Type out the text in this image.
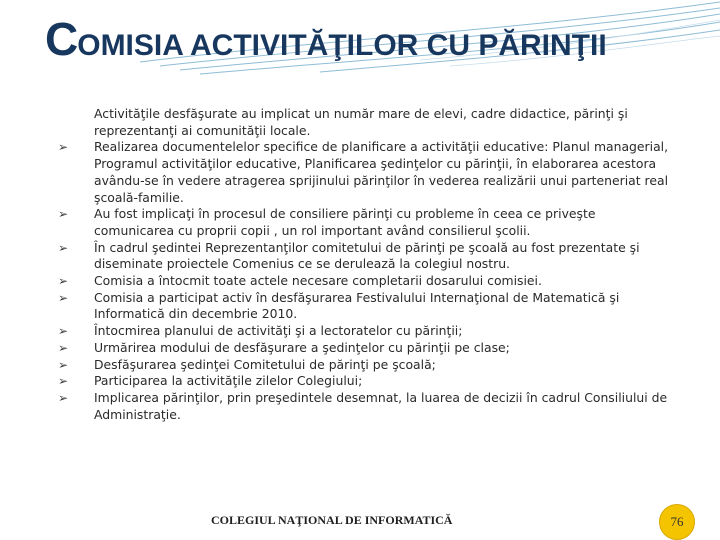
COMISIA ACTIVITĂŢILOR CU PĂRINŢII
Activităţile desfăşurate au implicat un număr mare de elevi, cadre didactice, părinţi şi reprezentanţi ai comunităţii locale.
➢ Realizarea documentelelor specifice de planificare a activităţii educative: Planul managerial, Programul activităţilor educative, Planificarea şedinţelor cu părinţii, în elaborarea acestora avându-se în vedere atragerea sprijinului părinţilor în vederea realizării unui parteneriat real şcoală-familie.
➢ Au fost implicaţi în procesul de consiliere părinţi cu probleme în ceea ce priveşte comunicarea cu proprii copii , un rol important având consilierul şcolii.
➢ În cadrul şedintei Reprezentanţilor comitetului de părinţi pe şcoală au fost prezentate şi diseminate proiectele Comenius ce se derulează la colegiul nostru.
➢ Comisia a întocmit toate actele necesare completarii dosarului comisiei.
➢ Comisia a participat activ în desfăşurarea Festivalului Internaţional de Matematică şi Informatică din decembrie 2010.
➢ Întocmirea planului de activităţi şi a lectoratelor cu părinţii;
➢ Urmărirea modului de desfăşurare a şedinţelor cu părinţii pe clase;
➢ Desfăşurarea şedinţei Comitetului de părinţi pe şcoală;
➢ Participarea la activităţile zilelor Colegiului;
➢ Implicarea părinţilor, prin preşedintele desemnat, la luarea de decizii în cadrul Consiliului de Administraţie.
COLEGIUL NAŢIONAL DE INFORMATICĂ	76
